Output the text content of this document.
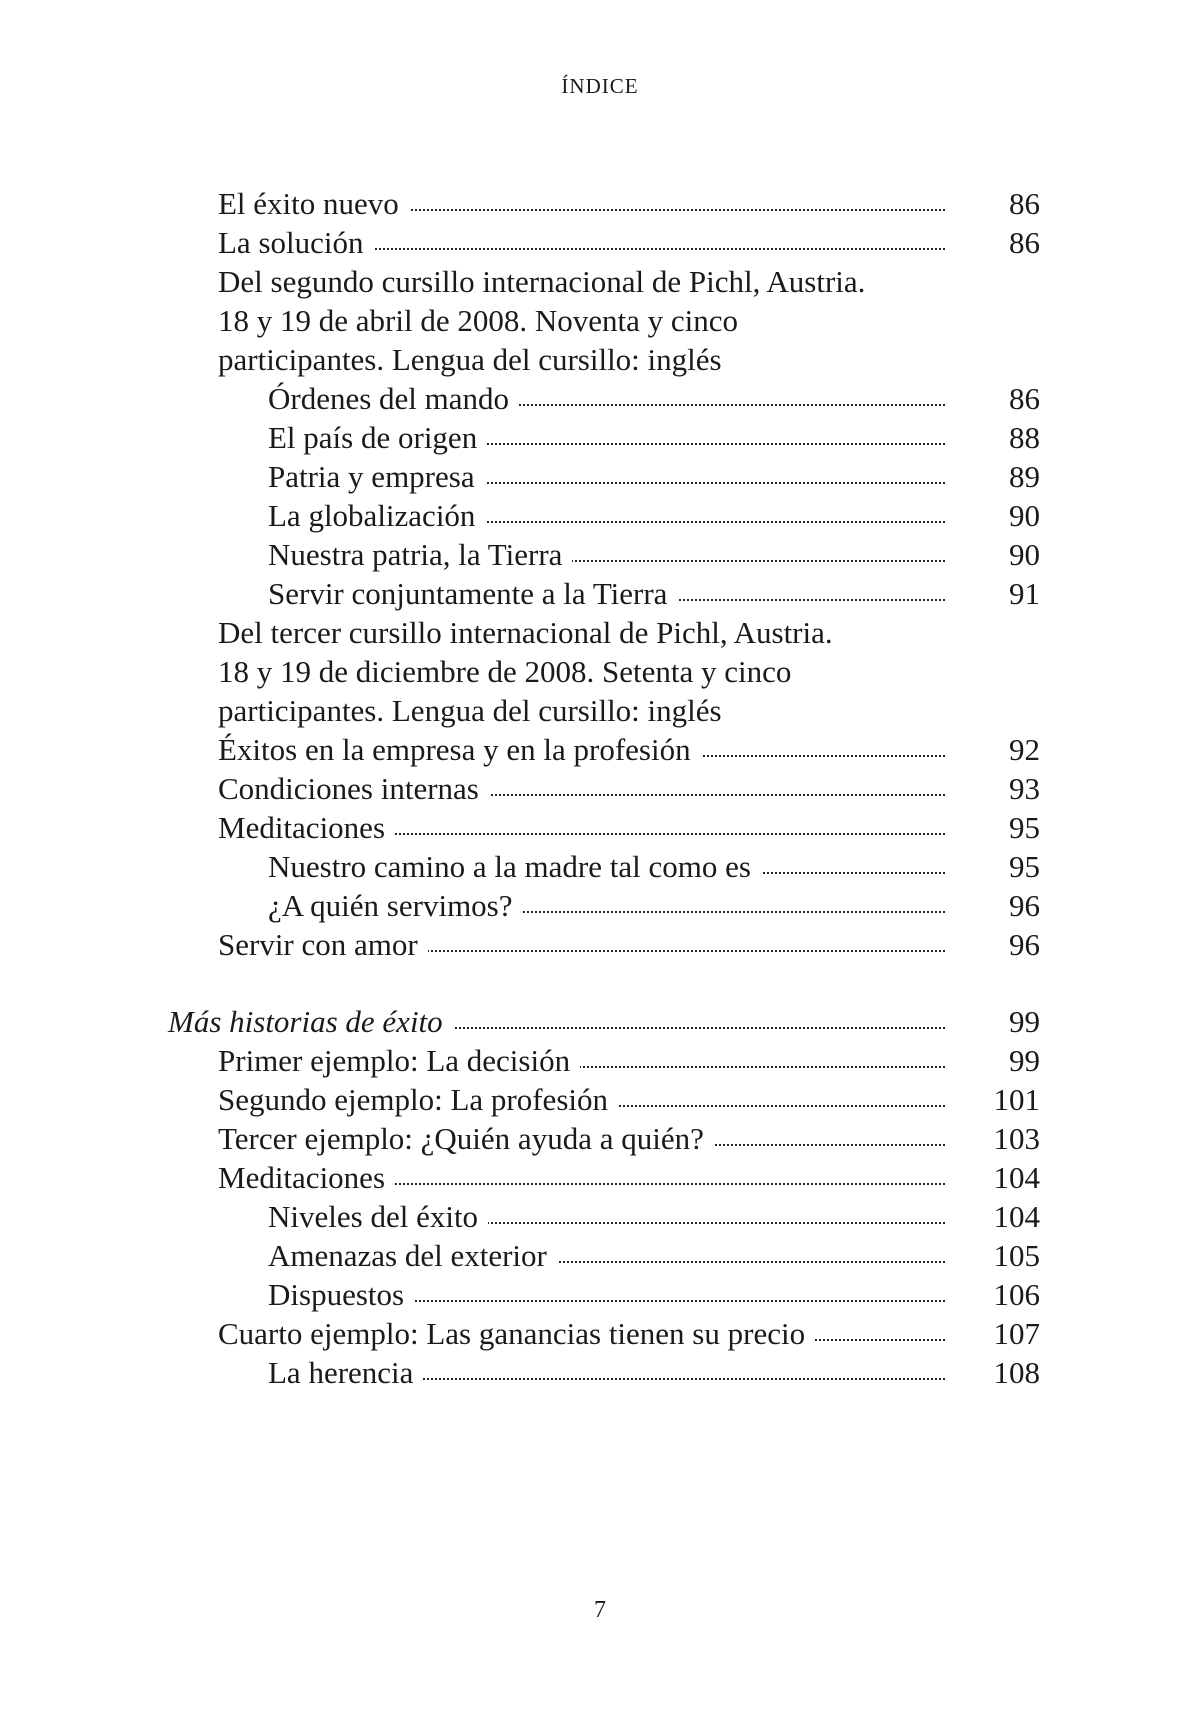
ÍNDICE
El éxito nuevo	86
La solución	86
Del segundo cursillo internacional de Pichl, Austria.
18 y 19 de abril de 2008. Noventa y cinco
participantes. Lengua del cursillo: inglés
Órdenes del mando	86
El país de origen	88
Patria y empresa	89
La globalización	90
Nuestra patria, la Tierra	90
Servir conjuntamente a la Tierra	91
Del tercer cursillo internacional de Pichl, Austria.
18 y 19 de diciembre de 2008. Setenta y cinco
participantes. Lengua del cursillo: inglés
Éxitos en la empresa y en la profesión	92
Condiciones internas	93
Meditaciones	95
Nuestro camino a la madre tal como es	95
¿A quién servimos?	96
Servir con amor	96
Más historias de éxito	99
Primer ejemplo: La decisión	99
Segundo ejemplo: La profesión	101
Tercer ejemplo: ¿Quién ayuda a quién?	103
Meditaciones	104
Niveles del éxito	104
Amenazas del exterior	105
Dispuestos	106
Cuarto ejemplo: Las ganancias tienen su precio	107
La herencia	108
7
